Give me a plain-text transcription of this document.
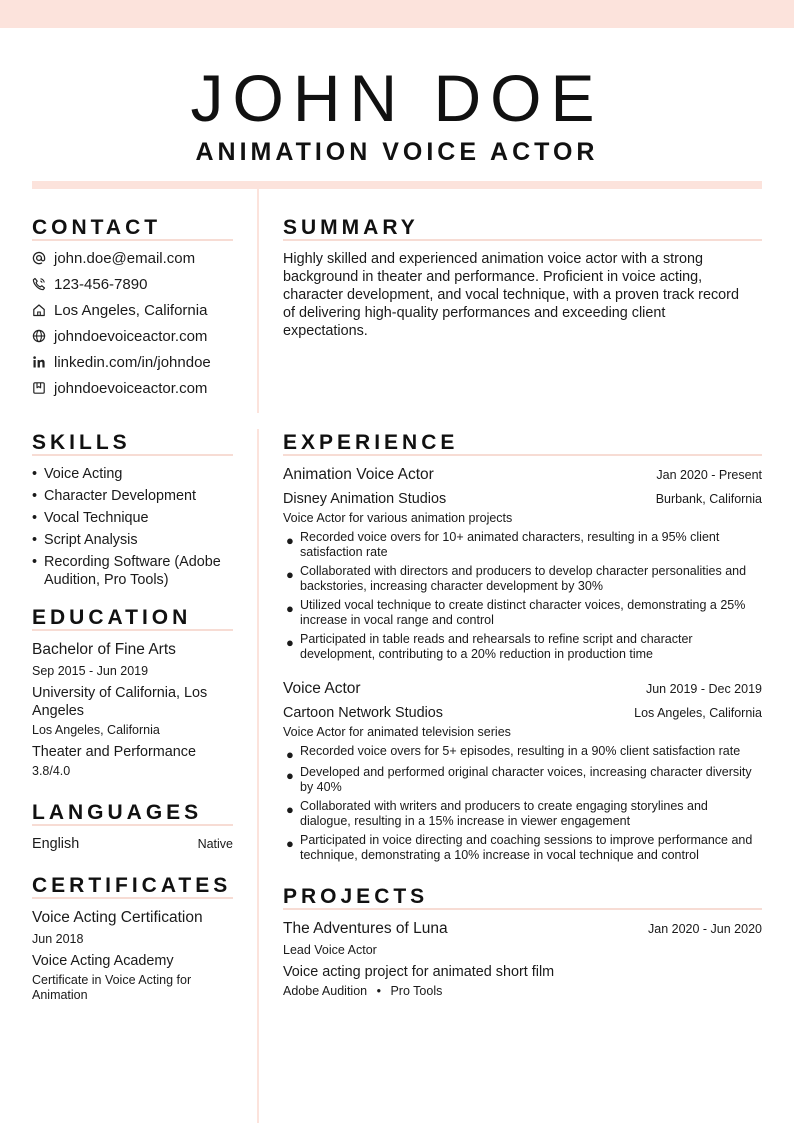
JOHN DOE
ANIMATION VOICE ACTOR
CONTACT
john.doe@email.com
123-456-7890
Los Angeles, California
johndoevoiceactor.com
linkedin.com/in/johndoe
johndoevoiceactor.com
SUMMARY
Highly skilled and experienced animation voice actor with a strong background in theater and performance. Proficient in voice acting, character development, and vocal technique, with a proven track record of delivering high-quality performances and exceeding client expectations.
SKILLS
• Voice Acting
• Character Development
• Vocal Technique
• Script Analysis
• Recording Software (Adobe Audition, Pro Tools)
EDUCATION
Bachelor of Fine Arts
Sep 2015 - Jun 2019
University of California, Los Angeles
Los Angeles, California
Theater and Performance
3.8/4.0
LANGUAGES
English	Native
CERTIFICATES
Voice Acting Certification
Jun 2018
Voice Acting Academy
Certificate in Voice Acting for Animation
EXPERIENCE
Animation Voice Actor	Jan 2020 - Present
Disney Animation Studios	Burbank, California
Voice Actor for various animation projects
● Recorded voice overs for 10+ animated characters, resulting in a 95% client satisfaction rate
● Collaborated with directors and producers to develop character personalities and backstories, increasing character development by 30%
● Utilized vocal technique to create distinct character voices, demonstrating a 25% increase in vocal range and control
● Participated in table reads and rehearsals to refine script and character development, contributing to a 20% reduction in production time
Voice Actor	Jun 2019 - Dec 2019
Cartoon Network Studios	Los Angeles, California
Voice Actor for animated television series
● Recorded voice overs for 5+ episodes, resulting in a 90% client satisfaction rate
● Developed and performed original character voices, increasing character diversity by 40%
● Collaborated with writers and producers to create engaging storylines and dialogue, resulting in a 15% increase in viewer engagement
● Participated in voice directing and coaching sessions to improve performance and technique, demonstrating a 10% increase in vocal technique and control
PROJECTS
The Adventures of Luna	Jan 2020 - Jun 2020
Lead Voice Actor
Voice acting project for animated short film
Adobe Audition • Pro Tools
